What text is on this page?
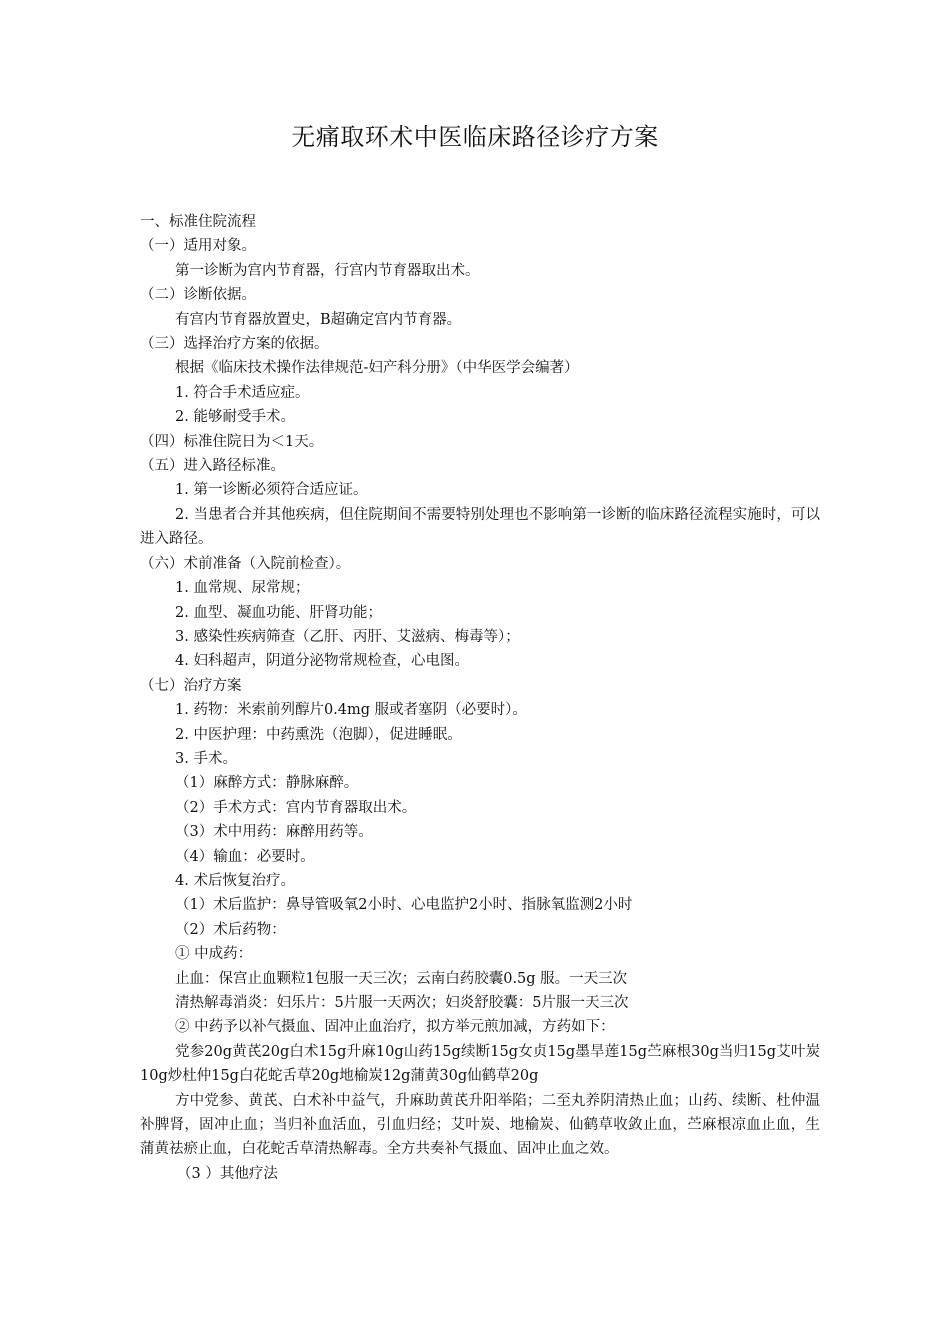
无痛取环术中医临床路径诊疗方案
一、标准住院流程
（一）适用对象。
第一诊断为宫内节育器，行宫内节育器取出术。
（二）诊断依据。
有宫内节育器放置史，B超确定宫内节育器。
（三）选择治疗方案的依据。
根据《临床技术操作法律规范-妇产科分册》（中华医学会编著）
1. 符合手术适应症。
2. 能够耐受手术。
（四）标准住院日为＜1天。
（五）进入路径标准。
1. 第一诊断必须符合适应证。
2. 当患者合并其他疾病，但住院期间不需要特别处理也不影响第一诊断的临床路径流程实施时，可以进入路径。
（六）术前准备（入院前检查）。
1. 血常规、尿常规；
2. 血型、凝血功能、肝肾功能；
3. 感染性疾病筛查（乙肝、丙肝、艾滋病、梅毒等）；
4. 妇科超声，阴道分泌物常规检查，心电图。
（七）治疗方案
1. 药物：米索前列醇片0.4mg 服或者塞阴（必要时）。
2. 中医护理：中药熏洗（泡脚），促进睡眠。
3. 手术。
（1）麻醉方式：静脉麻醉。
（2）手术方式：宫内节育器取出术。
（3）术中用药：麻醉用药等。
（4）输血：必要时。
4. 术后恢复治疗。
（1）术后监护：鼻导管吸氧2小时、心电监护2小时、指脉氧监测2小时
（2）术后药物：
① 中成药：
止血：保宫止血颗粒1包服一天三次；云南白药胶囊0.5g 服。一天三次
清热解毒消炎：妇乐片：5片服一天两次；妇炎舒胶囊：5片服一天三次
② 中药予以补气摄血、固冲止血治疗，拟方举元煎加减，方药如下：
党参20g黄芪20g白术15g升麻10g山药15g续断15g女贞15g墨旱莲15g苎麻根30g当归15g艾叶炭10g炒杜仲15g白花蛇舌草20g地榆炭12g蒲黄30g仙鹤草20g
方中党参、黄芪、白术补中益气，升麻助黄芪升阳举陷；二至丸养阴清热止血；山药、续断、杜仲温补脾肾，固冲止血；当归补血活血，引血归经；艾叶炭、地榆炭、仙鹤草收敛止血，苎麻根凉血止血，生蒲黄祛瘀止血，白花蛇舌草清热解毒。全方共奏补气摄血、固冲止血之效。
（3 ）其他疗法
